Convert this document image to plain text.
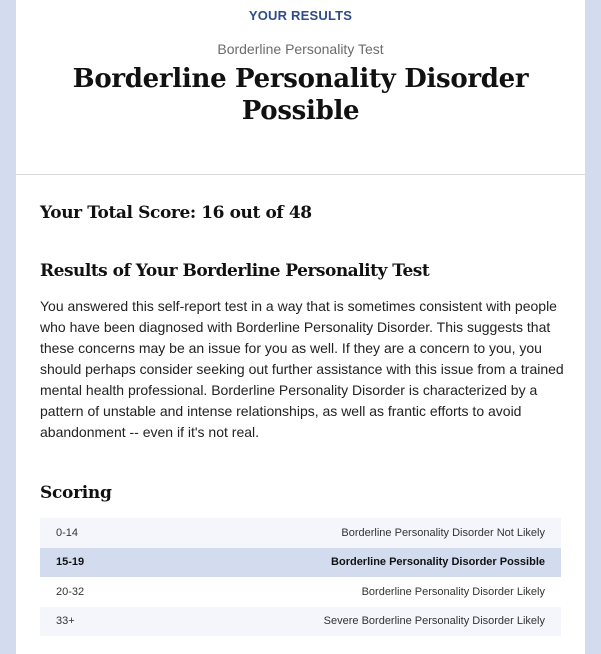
YOUR RESULTS
Borderline Personality Test
Borderline Personality Disorder Possible
Your Total Score: 16 out of 48
Results of Your Borderline Personality Test

You answered this self-report test in a way that is sometimes consistent with people who have been diagnosed with Borderline Personality Disorder. This suggests that these concerns may be an issue for you as well. If they are a concern to you, you should perhaps consider seeking out further assistance with this issue from a trained mental health professional. Borderline Personality Disorder is characterized by a pattern of unstable and intense relationships, as well as frantic efforts to avoid abandonment -- even if it's not real.

Scoring
0-14	Borderline Personality Disorder Not Likely
15-19	Borderline Personality Disorder Possible
20-32	Borderline Personality Disorder Likely
33+	Severe Borderline Personality Disorder Likely
